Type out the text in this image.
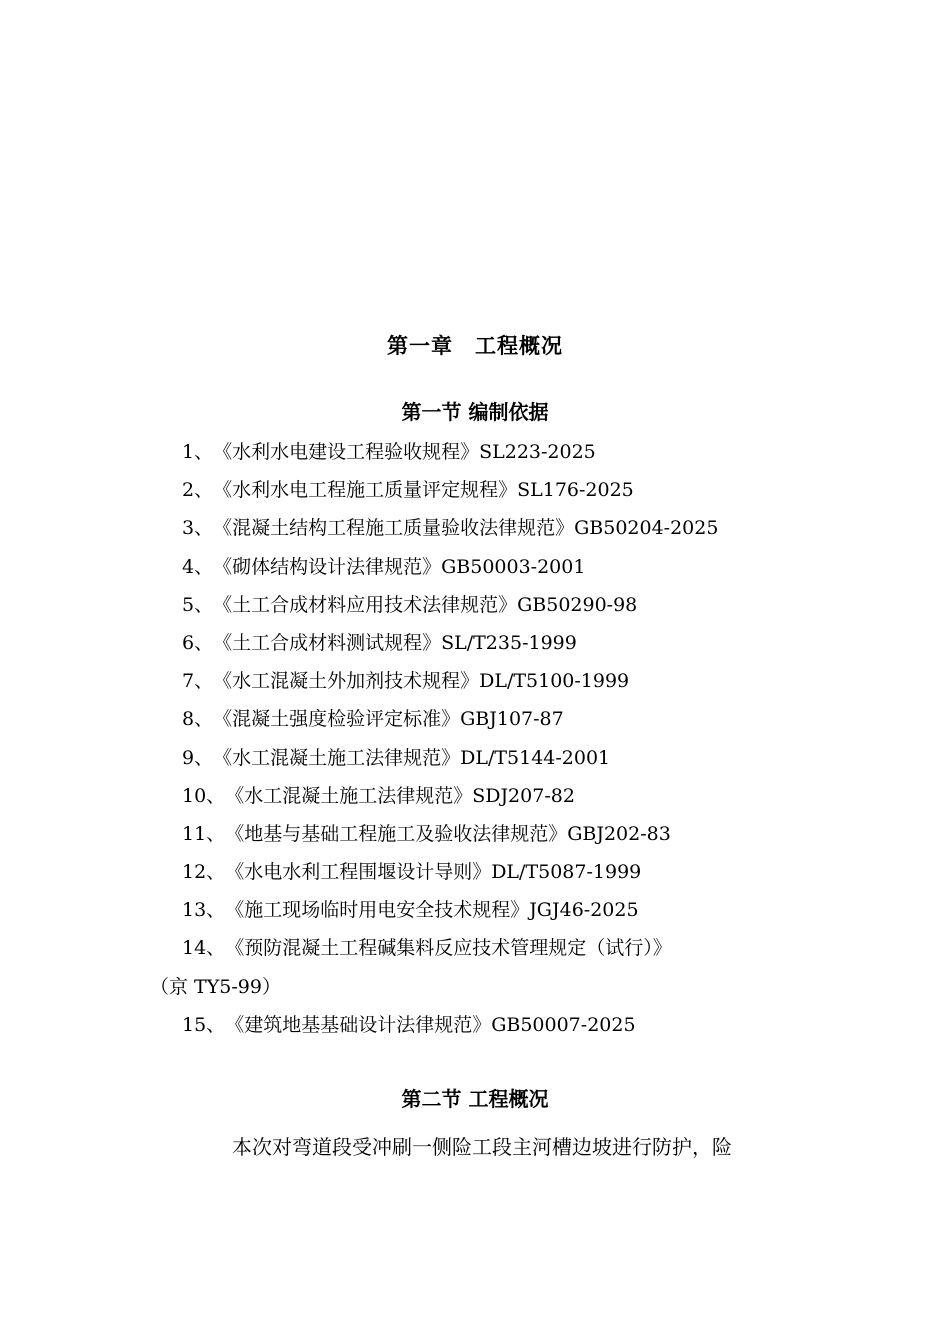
第一章　工程概况
第一节 编制依据
1、《水利水电建设工程验收规程》SL223-2025
2、《水利水电工程施工质量评定规程》SL176-2025
3、《混凝土结构工程施工质量验收法律规范》GB50204-2025
4、《砌体结构设计法律规范》GB50003-2001
5、《土工合成材料应用技术法律规范》GB50290-98
6、《土工合成材料测试规程》SL/T235-1999
7、《水工混凝土外加剂技术规程》DL/T5100-1999
8、《混凝土强度检验评定标准》GBJ107-87
9、《水工混凝土施工法律规范》DL/T5144-2001
10、《水工混凝土施工法律规范》SDJ207-82
11、《地基与基础工程施工及验收法律规范》GBJ202-83
12、《水电水利工程围堰设计导则》DL/T5087-1999
13、《施工现场临时用电安全技术规程》JGJ46-2025
14、《预防混凝土工程碱集料反应技术管理规定（试行）》
（京 TY5-99）
15、《建筑地基基础设计法律规范》GB50007-2025
第二节 工程概况
本次对弯道段受冲刷一侧险工段主河槽边坡进行防护，险
